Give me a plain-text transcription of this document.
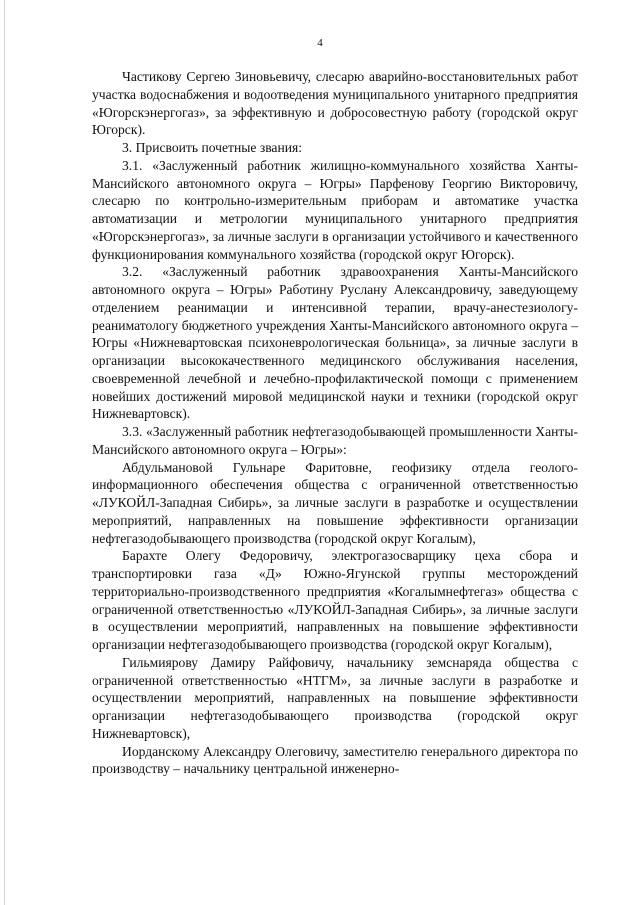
4

Частикову Сергею Зиновьевичу, слесарю аварийно-восстановительных работ участка водоснабжения и водоотведения муниципального унитарного предприятия «Югорскэнергогаз», за эффективную и добросовестную работу (городской округ Югорск).

3. Присвоить почетные звания:

3.1. «Заслуженный работник жилищно-коммунального хозяйства Ханты-Мансийского автономного округа – Югры» Парфенову Георгию Викторовичу, слесарю по контрольно-измерительным приборам и автоматике участка автоматизации и метрологии муниципального унитарного предприятия «Югорскэнергогаз», за личные заслуги в организации устойчивого и качественного функционирования коммунального хозяйства (городской округ Югорск).

3.2. «Заслуженный работник здравоохранения Ханты-Мансийского автономного округа – Югры» Работину Руслану Александровичу, заведующему отделением реанимации и интенсивной терапии, врачу-анестезиологу-реаниматологу бюджетного учреждения Ханты-Мансийского автономного округа – Югры «Нижневартовская психоневрологическая больница», за личные заслуги в организации высококачественного медицинского обслуживания населения, своевременной лечебной и лечебно-профилактической помощи с применением новейших достижений мировой медицинской науки и техники (городской округ Нижневартовск).

3.3. «Заслуженный работник нефтегазодобывающей промышленности Ханты-Мансийского автономного округа – Югры»:

Абдульмановой Гульнаре Фаритовне, геофизику отдела геолого-информационного обеспечения общества с ограниченной ответственностью «ЛУКОЙЛ-Западная Сибирь», за личные заслуги в разработке и осуществлении мероприятий, направленных на повышение эффективности организации нефтегазодобывающего производства (городской округ Когалым),

Барахте Олегу Федоровичу, электрогазосварщику цеха сбора и транспортировки газа «Д» Южно-Ягунской группы месторождений территориально-производственного предприятия «Когалымнефтегаз» общества с ограниченной ответственностью «ЛУКОЙЛ-Западная Сибирь», за личные заслуги в осуществлении мероприятий, направленных на повышение эффективности организации нефтегазодобывающего производства (городской округ Когалым),

Гильмиярову Дамиру Райфовичу, начальнику земснаряда общества с ограниченной ответственностью «НТГМ», за личные заслуги в разработке и осуществлении мероприятий, направленных на повышение эффективности организации нефтегазодобывающего производства (городской округ Нижневартовск),

Иорданскому Александру Олеговичу, заместителю генерального директора по производству – начальнику центральной инженерно-
